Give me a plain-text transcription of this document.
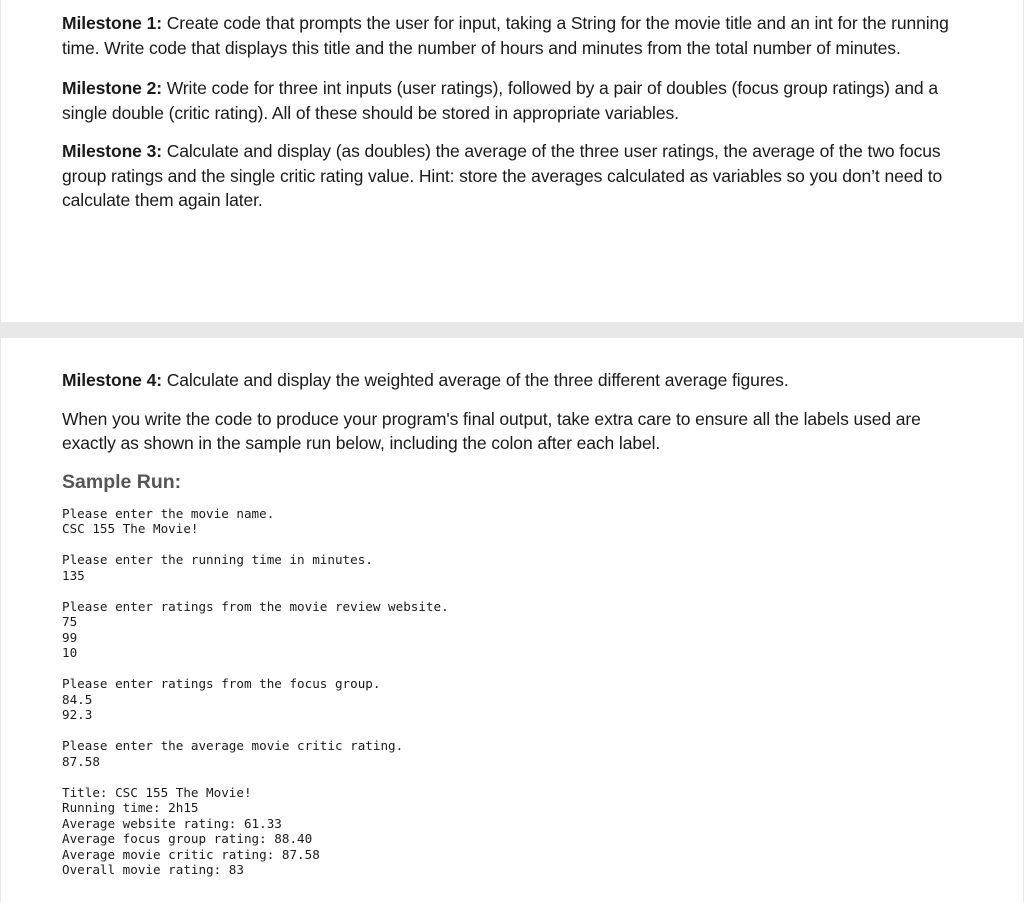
Milestone 1: Create code that prompts the user for input, taking a String for the movie title and an int for the running time. Write code that displays this title and the number of hours and minutes from the total number of minutes.

Milestone 2: Write code for three int inputs (user ratings), followed by a pair of doubles (focus group ratings) and a single double (critic rating). All of these should be stored in appropriate variables.

Milestone 3: Calculate and display (as doubles) the average of the three user ratings, the average of the two focus group ratings and the single critic rating value. Hint: store the averages calculated as variables so you don’t need to calculate them again later.

Milestone 4: Calculate and display the weighted average of the three different average figures.

When you write the code to produce your program's final output, take extra care to ensure all the labels used are exactly as shown in the sample run below, including the colon after each label.

Sample Run:
Please enter the movie name.
CSC 155 The Movie!
Please enter the running time in minutes.
135
Please enter ratings from the movie review website.
75
99
10
Please enter ratings from the focus group.
84.5
92.3
Please enter the average movie critic rating.
87.58
Title: CSC 155 The Movie!
Running time: 2h15
Average website rating: 61.33
Average focus group rating: 88.40
Average movie critic rating: 87.58
Overall movie rating: 83
